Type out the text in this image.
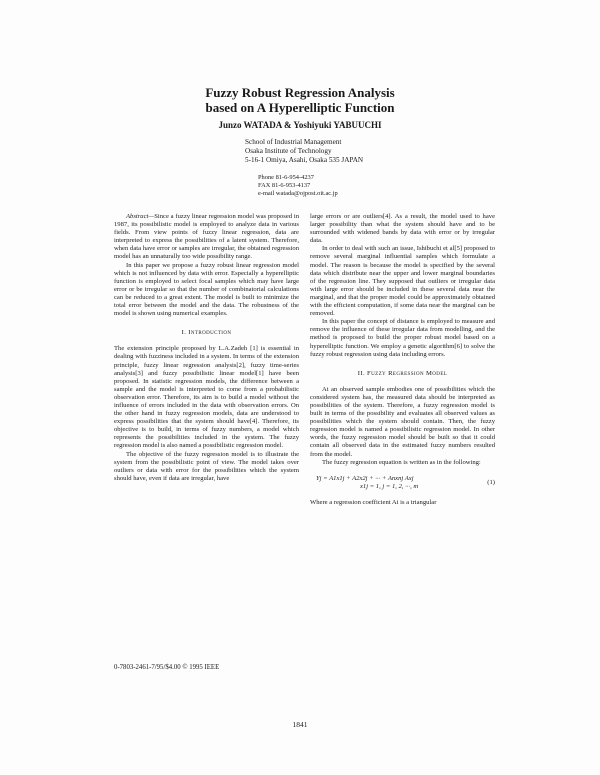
Fuzzy Robust Regression Analysis
based on A Hyperelliptic Function
Junzo WATADA & Yoshiyuki YABUUCHI
School of Industrial Management
Osaka Institute of Technology
5-16-1 Omiya, Asahi, Osaka 535 JAPAN
Phone 81-6-954-4237
FAX 81-6-953-4137
e-mail watada@ojpost.oit.ac.jp

Abstract—Since a fuzzy linear regression model was proposed in 1987, its possibilistic model is employed to analyze data in various fields. From view points of fuzzy linear regression, data are interpreted to express the possibilities of a latent system. Therefore, when data have error or samples are irregular, the obtained regression model has an unnaturally too wide possibility range.

In this paper we propose a fuzzy robust linear regression model which is not influenced by data with error. Especially a hyperelliptic function is employed to select focal samples which may have large error or be irregular so that the number of combinatorial calculations can be reduced to a great extent. The model is built to minimize the total error between the model and the data. The robustness of the model is shown using numerical examples.

I. Introduction

The extension principle proposed by L.A.Zadeh [1] is essential in dealing with fuzziness included in a system. In terms of the extension principle, fuzzy linear regression analysis[2], fuzzy time-series analysis[3] and fuzzy possibilistic linear model[1] have been proposed. In statistic regression models, the difference between a sample and the model is interpreted to come from a probabilistic observation error. Therefore, its aim is to build a model without the influence of errors included in the data with observation errors. On the other hand in fuzzy regression models, data are understood to express possibilities that the system should have[4]. Therefore, its objective is to build, in terms of fuzzy numbers, a model which represents the possibilities included in the system. The fuzzy regression model is also named a possibilistic regression model.

The objective of the fuzzy regression model is to illustrate the system from the possibilistic point of view. The model takes over outliers or data with error for the possibilities which the system should have, even if data are irregular, have

large errors or are outliers[4]. As a result, the model used to have larger possibility than what the system should have and to be surrounded with widened bands by data with error or by irregular data.

In order to deal with such an issue, Ishibuchi et al[5] proposed to remove several marginal influential samples which formulate a model. The reason is because the model is specified by the several data which distribute near the upper and lower marginal boundaries of the regression line. They supposed that outliers or irregular data with large error should be included in these several data near the marginal, and that the proper model could be approximately obtained with the efficient computation, if some data near the marginal can be removed.

In this paper the concept of distance is employed to measure and remove the influence of these irregular data from modelling, and the method is proposed to build the proper robust model based on a hyperelliptic function. We employ a genetic algorithm[6] to solve the fuzzy robust regression using data including errors.

II. Fuzzy Regression Model

At an observed sample embodies one of possibilities which the considered system has, the measured data should be interpreted as possibilities of the system. Therefore, a fuzzy regression model is built in terms of the possibility and evaluates all observed values as possibilities which the system should contain. Then, the fuzzy regression model is named a possibilistic regression model. In other words, the fuzzy regression model should be built so that it could contain all observed data in the estimated fuzzy numbers resulted from the model.

The fuzzy regression equation is written as in the following:

Yj = A1x1j + A2x2j + ··· + Anxnj Axj
x1j = 1, j = 1, 2, ···, m
(1)

Where a regression coefficient Ai is a triangular

0-7803-2461-7/95/$4.00 © 1995 IEEE
1841
